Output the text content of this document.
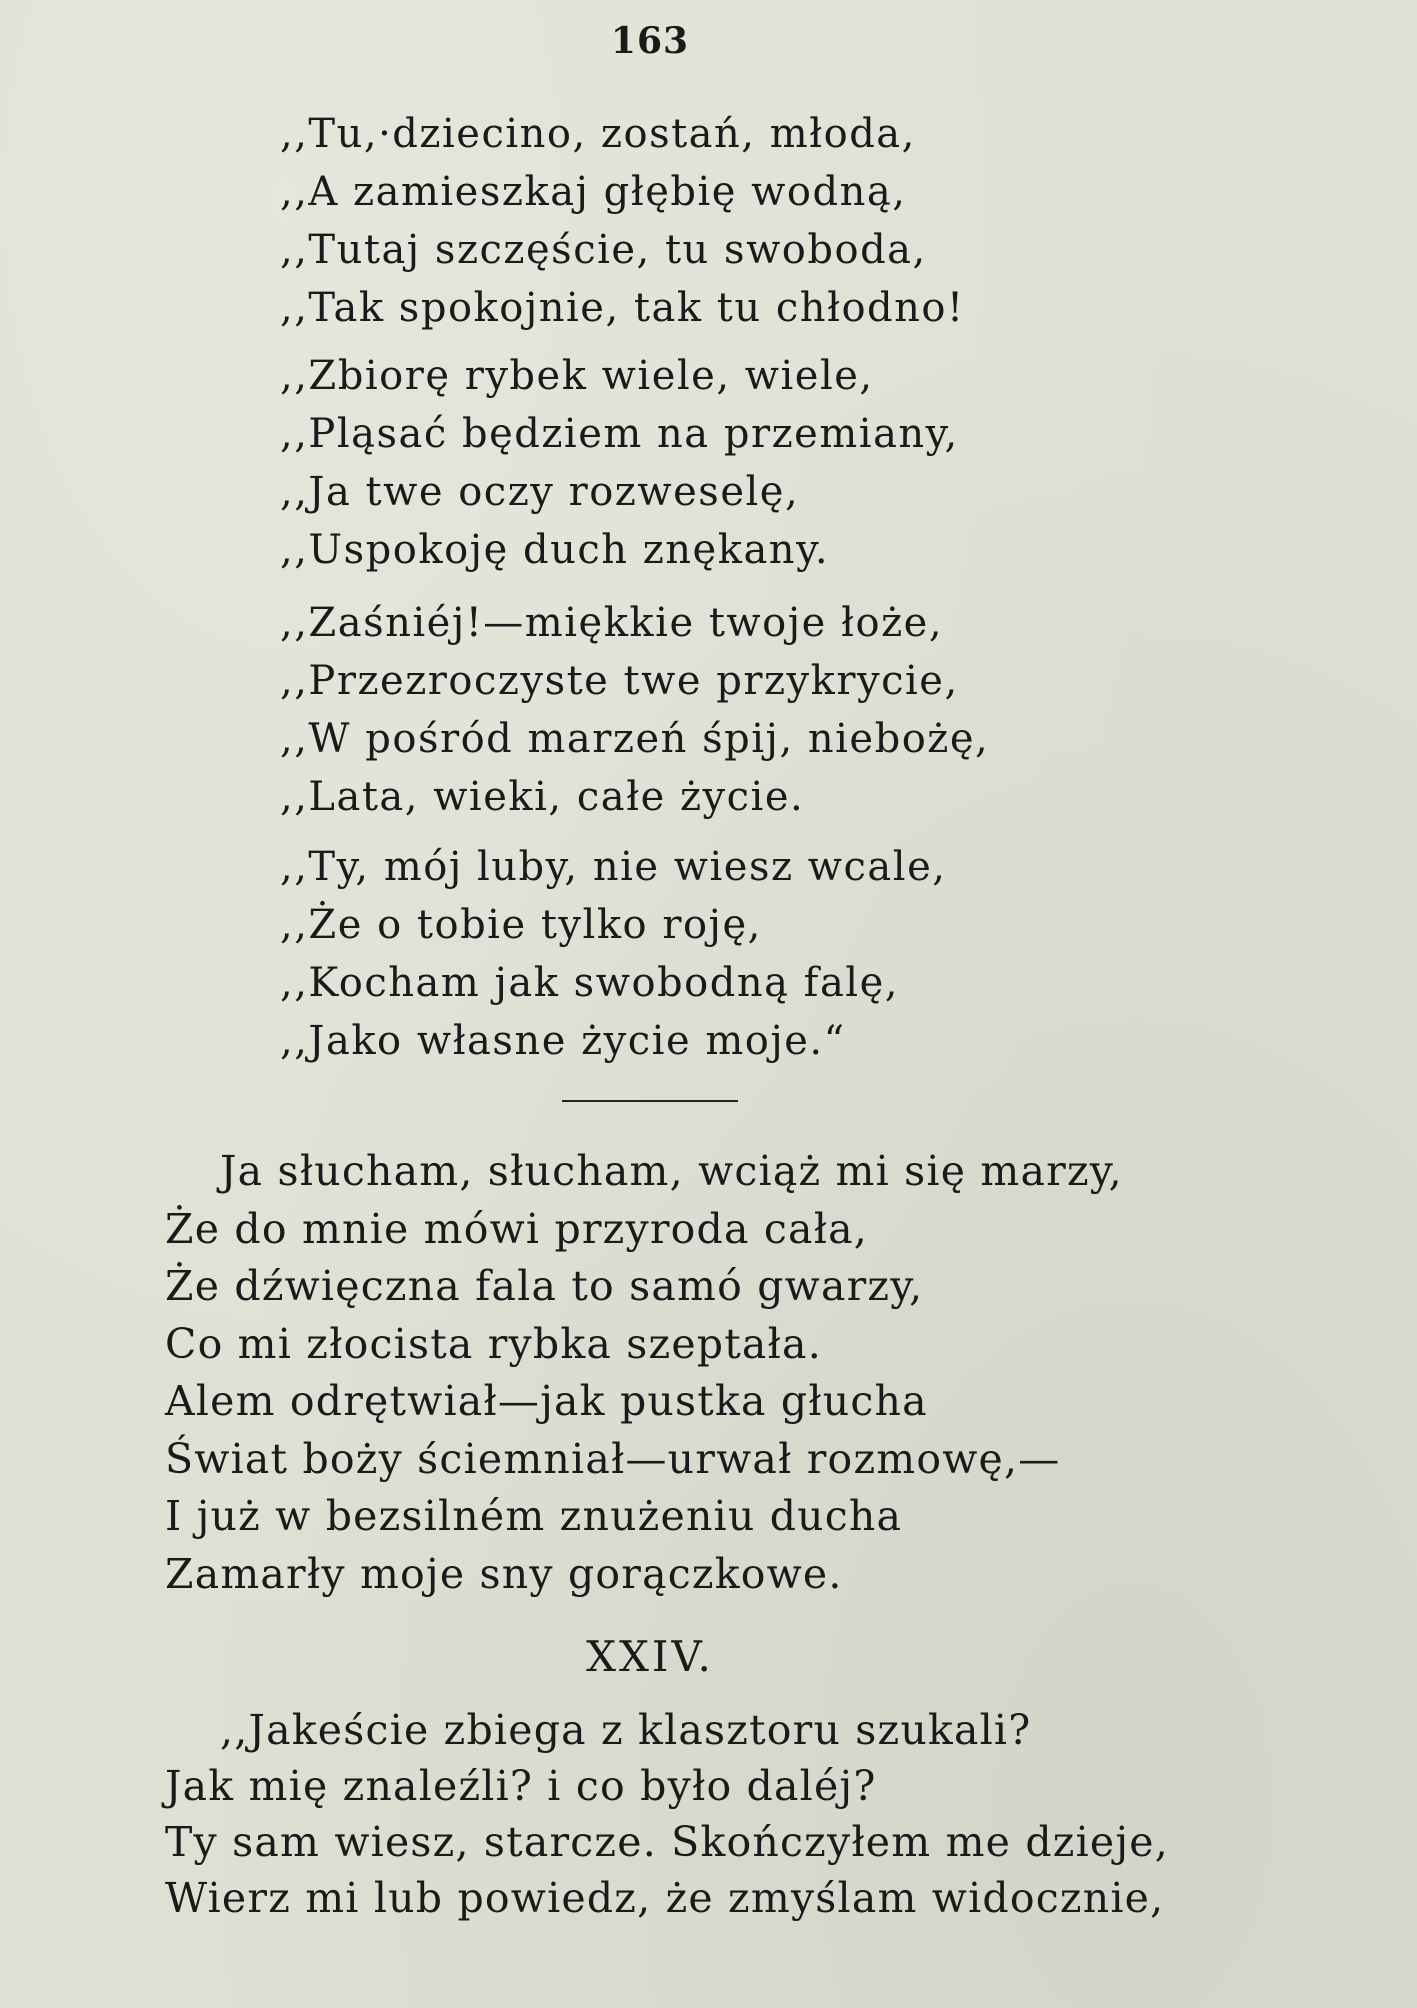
163
,,Tu,·dziecino, zostań, młoda,
,,A zamieszkaj głębię wodną,
,,Tutaj szczęście, tu swoboda,
,,Tak spokojnie, tak tu chłodno!
,,Zbiorę rybek wiele, wiele,
,,Pląsać będziem na przemiany,
,,Ja twe oczy rozweselę,
,,Uspokoję duch znękany.
,,Zaśniéj!—miękkie twoje łoże,
,,Przezroczyste twe przykrycie,
,,W pośród marzeń śpij, niebożę,
,,Lata, wieki, całe życie.
,,Ty, mój luby, nie wiesz wcale,
,,Że o tobie tylko roję,
,,Kocham jak swobodną falę,
,,Jako własne życie moje.“
Ja słucham, słucham, wciąż mi się marzy,
Że do mnie mówi przyroda cała,
Że dźwięczna fala to samó gwarzy,
Co mi złocista rybka szeptała.
Alem odrętwiał—jak pustka głucha
Świat boży ściemniał—urwał rozmowę,—
I już w bezsilném znużeniu ducha
Zamarły moje sny gorączkowe.
XXIV.
,,Jakeście zbiega z klasztoru szukali?
Jak mię znaleźli? i co było daléj?
Ty sam wiesz, starcze. Skończyłem me dzieje,
Wierz mi lub powiedz, że zmyślam widocznie,
